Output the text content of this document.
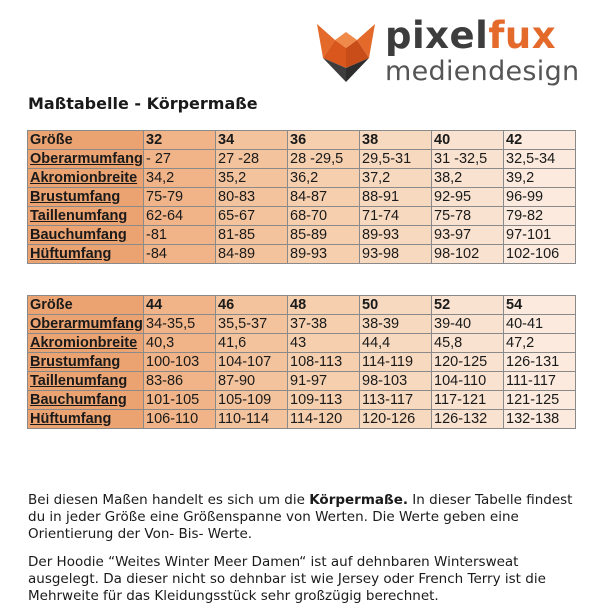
pixelfux
mediendesign
Maßtabelle - Körpermaße
Größe	32	34	36	38	40	42
Oberarmumfang	- 27	27 -28	28 -29,5	29,5-31	31 -32,5	32,5-34
Akromionbreite	34,2	35,2	36,2	37,2	38,2	39,2
Brustumfang	75-79	80-83	84-87	88-91	92-95	96-99
Taillenumfang	62-64	65-67	68-70	71-74	75-78	79-82
Bauchumfang	-81	81-85	85-89	89-93	93-97	97-101
Hüftumfang	-84	84-89	89-93	93-98	98-102	102-106
Größe	44	46	48	50	52	54
Oberarmumfang	34-35,5	35,5-37	37-38	38-39	39-40	40-41
Akromionbreite	40,3	41,6	43	44,4	45,8	47,2
Brustumfang	100-103	104-107	108-113	114-119	120-125	126-131
Taillenumfang	83-86	87-90	91-97	98-103	104-110	111-117
Bauchumfang	101-105	105-109	109-113	113-117	117-121	121-125
Hüftumfang	106-110	110-114	114-120	120-126	126-132	132-138

Bei diesen Maßen handelt es sich um die Körpermaße. In dieser Tabelle findest du in jeder Größe eine Größenspanne von Werten. Die Werte geben eine Orientierung der Von- Bis- Werte.

Der Hoodie “Weites Winter Meer Damen“ ist auf dehnbaren Wintersweat ausgelegt. Da dieser nicht so dehnbar ist wie Jersey oder French Terry ist die Mehrweite für das Kleidungsstück sehr großzügig berechnet.
